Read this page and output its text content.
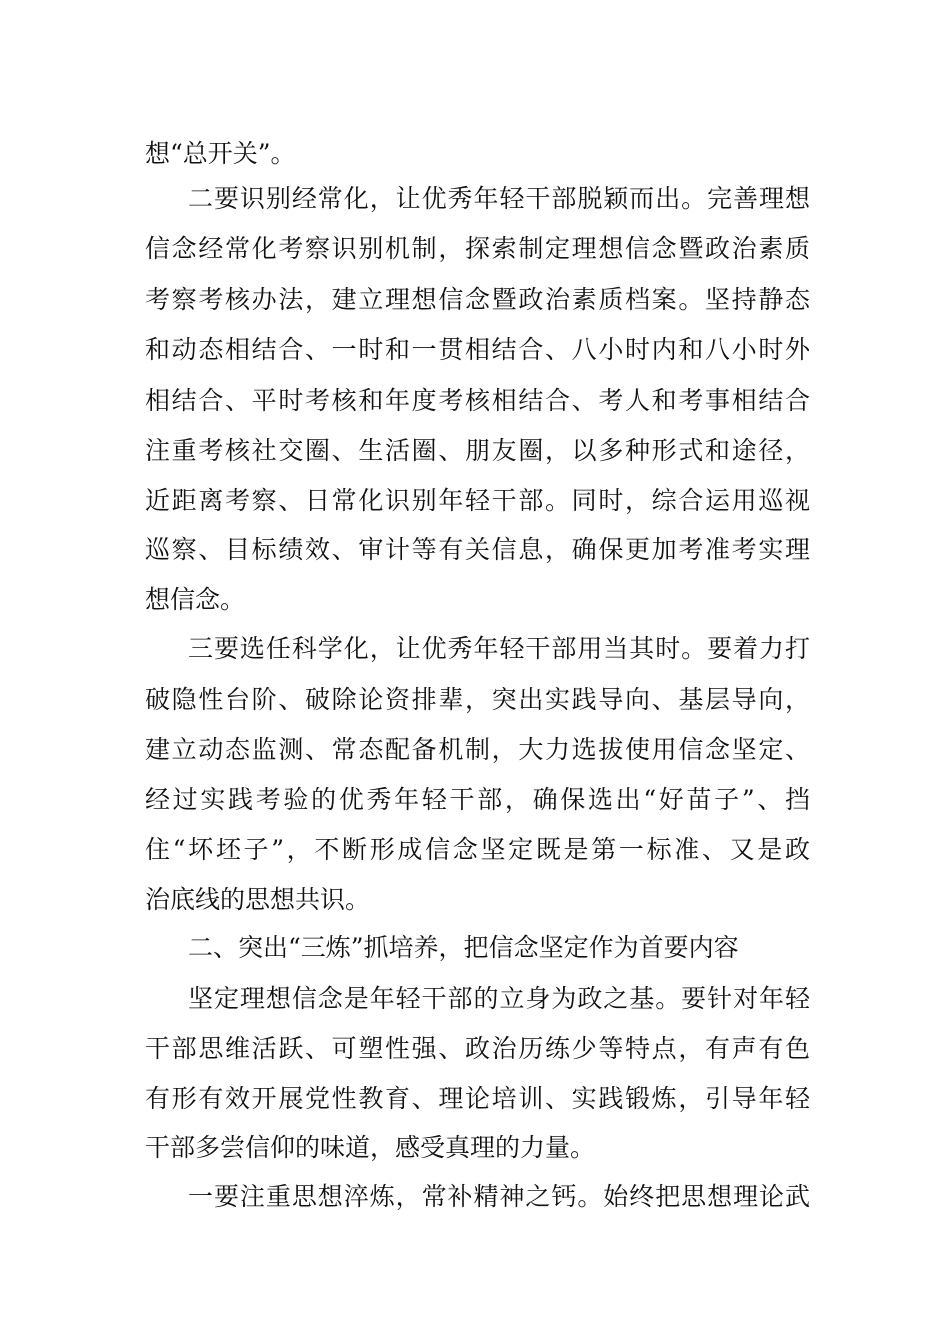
想“总开关”。
二要识别经常化，让优秀年轻干部脱颖而出。完善理想
信念经常化考察识别机制，探索制定理想信念暨政治素质
考察考核办法，建立理想信念暨政治素质档案。坚持静态
和动态相结合、一时和一贯相结合、八小时内和八小时外
相结合、平时考核和年度考核相结合、考人和考事相结合
注重考核社交圈、生活圈、朋友圈，以多种形式和途径，
近距离考察、日常化识别年轻干部。同时，综合运用巡视
巡察、目标绩效、审计等有关信息，确保更加考准考实理
想信念。
三要选任科学化，让优秀年轻干部用当其时。要着力打
破隐性台阶、破除论资排辈，突出实践导向、基层导向，
建立动态监测、常态配备机制，大力选拔使用信念坚定、
经过实践考验的优秀年轻干部，确保选出“好苗子”、挡
住“坏坯子”，不断形成信念坚定既是第一标准、又是政
治底线的思想共识。
二、突出“三炼”抓培养，把信念坚定作为首要内容
坚定理想信念是年轻干部的立身为政之基。要针对年轻
干部思维活跃、可塑性强、政治历练少等特点，有声有色
有形有效开展党性教育、理论培训、实践锻炼，引导年轻
干部多尝信仰的味道，感受真理的力量。
一要注重思想淬炼，常补精神之钙。始终把思想理论武
